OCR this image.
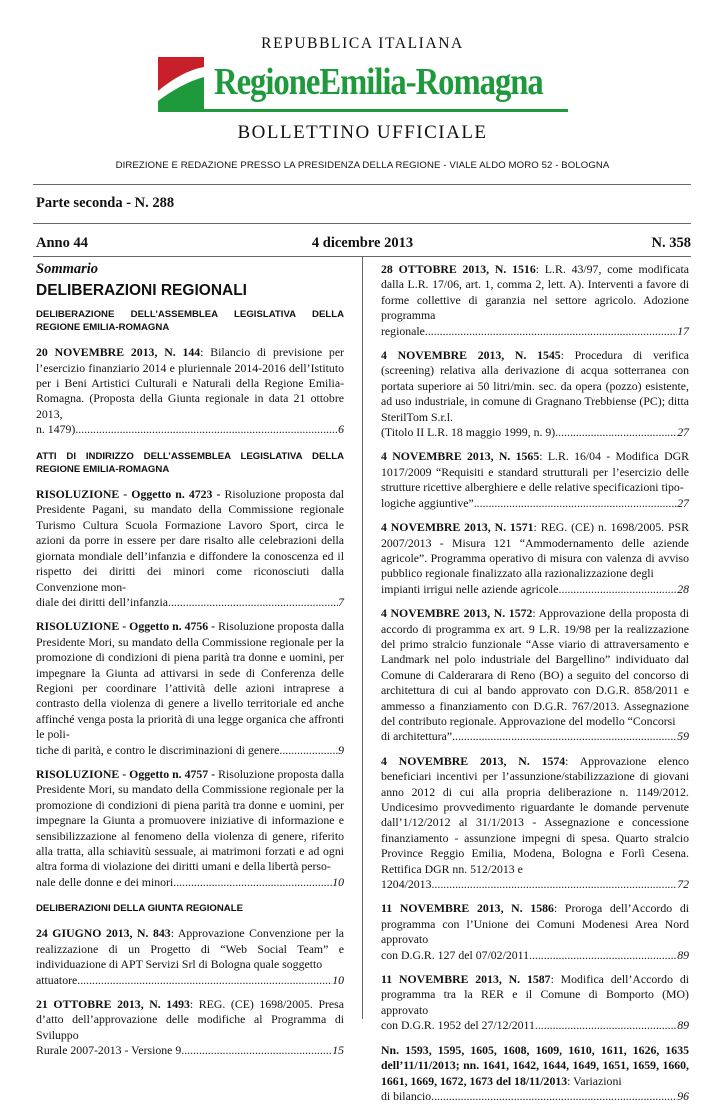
REPUBBLICA ITALIANA
RegioneEmilia-Romagna
BOLLETTINO UFFICIALE
DIREZIONE E REDAZIONE PRESSO LA PRESIDENZA DELLA REGIONE - VIALE ALDO MORO 52 - BOLOGNA
Parte seconda - N. 288
Anno 44	4 dicembre 2013	N. 358
Sommario
DELIBERAZIONI REGIONALI
DELIBERAZIONE DELL’ASSEMBLEA LEGISLATIVA DELLA REGIONE EMILIA-ROMAGNA
20 NOVEMBRE 2013, N. 144: Bilancio di previsione per l’esercizio finanziario 2014 e pluriennale 2014-2016 dell’Istituto per i Beni Artistici Culturali e Naturali della Regione Emilia-Romagna. (Proposta della Giunta regionale in data 21 ottobre 2013,
n. 1479) .....	6
ATTI DI INDIRIZZO DELL’ASSEMBLEA LEGISLATIVA DELLA REGIONE EMILIA-ROMAGNA
RISOLUZIONE - Oggetto n. 4723 - Risoluzione proposta dal Presidente Pagani, su mandato della Commissione regionale Turismo Cultura Scuola Formazione Lavoro Sport, circa le azioni da porre in essere per dare risalto alle celebrazioni della giornata mondiale dell’infanzia e diffondere la conoscenza ed il rispetto dei diritti dei minori come riconosciuti dalla Convenzione mon-
diale dei diritti dell’infanzia .....	7
RISOLUZIONE - Oggetto n. 4756 - Risoluzione proposta dalla Presidente Mori, su mandato della Commissione regionale per la promozione di condizioni di piena parità tra donne e uomini, per impegnare la Giunta ad attivarsi in sede di Conferenza delle Regioni per coordinare l’attività delle azioni intraprese a contrasto della violenza di genere a livello territoriale ed anche affinché venga posta la priorità di una legge organica che affronti le poli-
tiche di parità, e contro le discriminazioni di genere .....	9
RISOLUZIONE - Oggetto n. 4757 - Risoluzione proposta dalla Presidente Mori, su mandato della Commissione regionale per la promozione di condizioni di piena parità tra donne e uomini, per impegnare la Giunta a promuovere iniziative di informazione e sensibilizzazione al fenomeno della violenza di genere, riferito alla tratta, alla schiavitù sessuale, ai matrimoni forzati e ad ogni altra forma di violazione dei diritti umani e della libertà perso-
nale delle donne e dei minori. .....	10
DELIBERAZIONI DELLA GIUNTA REGIONALE
24 GIUGNO 2013, N. 843: Approvazione Convenzione per la realizzazione di un Progetto di “Web Social Team” e individuazione di APT Servizi Srl di Bologna quale soggetto
attuatore .....	10
21 OTTOBRE 2013, N. 1493: REG. (CE) 1698/2005. Presa d’atto dell’approvazione delle modifiche al Programma di Sviluppo
Rurale 2007-2013 - Versione 9 .....	15
28 OTTOBRE 2013, N. 1516: L.R. 43/97, come modificata dalla L.R. 17/06, art. 1, comma 2, lett. A). Interventi a favore di forme collettive di garanzia nel settore agricolo. Adozione programma
regionale .....	17
4 NOVEMBRE 2013, N. 1545: Procedura di verifica (screening) relativa alla derivazione di acqua sotterranea con portata superiore ai 50 litri/min. sec. da opera (pozzo) esistente, ad uso industriale, in comune di Gragnano Trebbiense (PC); ditta SterilTom S.r.l.
(Titolo II L.R. 18 maggio 1999, n. 9) .....	27
4 NOVEMBRE 2013, N. 1565: L.R. 16/04 - Modifica DGR 1017/2009 “Requisiti e standard strutturali per l’esercizio delle strutture ricettive alberghiere e delle relative specificazioni tipo-
logiche aggiuntive” .....	27
4 NOVEMBRE 2013, N. 1571: REG. (CE) n. 1698/2005. PSR 2007/2013 - Misura 121 “Ammodernamento delle aziende agricole”. Programma operativo di misura con valenza di avviso pubblico regionale finalizzato alla razionalizzazione degli
impianti irrigui nelle aziende agricole .....	28
4 NOVEMBRE 2013, N. 1572: Approvazione della proposta di accordo di programma ex art. 9 L.R. 19/98 per la realizzazione del primo stralcio funzionale “Asse viario di attraversamento e Landmark nel polo industriale del Bargellino” individuato dal Comune di Calderarara di Reno (BO) a seguito del concorso di architettura di cui al bando approvato con D.G.R. 858/2011 e ammesso a finanziamento con D.G.R. 767/2013. Assegnazione del contributo regionale. Approvazione del modello “Concorsi
di architettura” .....	59
4 NOVEMBRE 2013, N. 1574: Approvazione elenco beneficiari incentivi per l’assunzione/stabilizzazione di giovani anno 2012 di cui alla propria deliberazione n. 1149/2012. Undicesimo provvedimento riguardante le domande pervenute dall’1/12/2012 al 31/1/2013 - Assegnazione e concessione finanziamento - assunzione impegni di spesa. Quarto stralcio Province Reggio Emilia, Modena, Bologna e Forlì Cesena. Rettifica DGR nn. 512/2013 e
1204/2013 .....	72
11 NOVEMBRE 2013, N. 1586: Proroga dell’Accordo di programma con l’Unione dei Comuni Modenesi Area Nord approvato
con D.G.R. 127 del 07/02/2011 .....	89
11 NOVEMBRE 2013, N. 1587: Modifica dell’Accordo di programma tra la RER e il Comune di Bomporto (MO) approvato
con D.G.R. 1952 del 27/12/2011 .....	89
Nn. 1593, 1595, 1605, 1608, 1609, 1610, 1611, 1626, 1635 dell’11/11/2013; nn. 1641, 1642, 1644, 1649, 1651, 1659, 1660, 1661, 1669, 1672, 1673 del 18/11/2013: Variazioni
di bilancio .....	96
